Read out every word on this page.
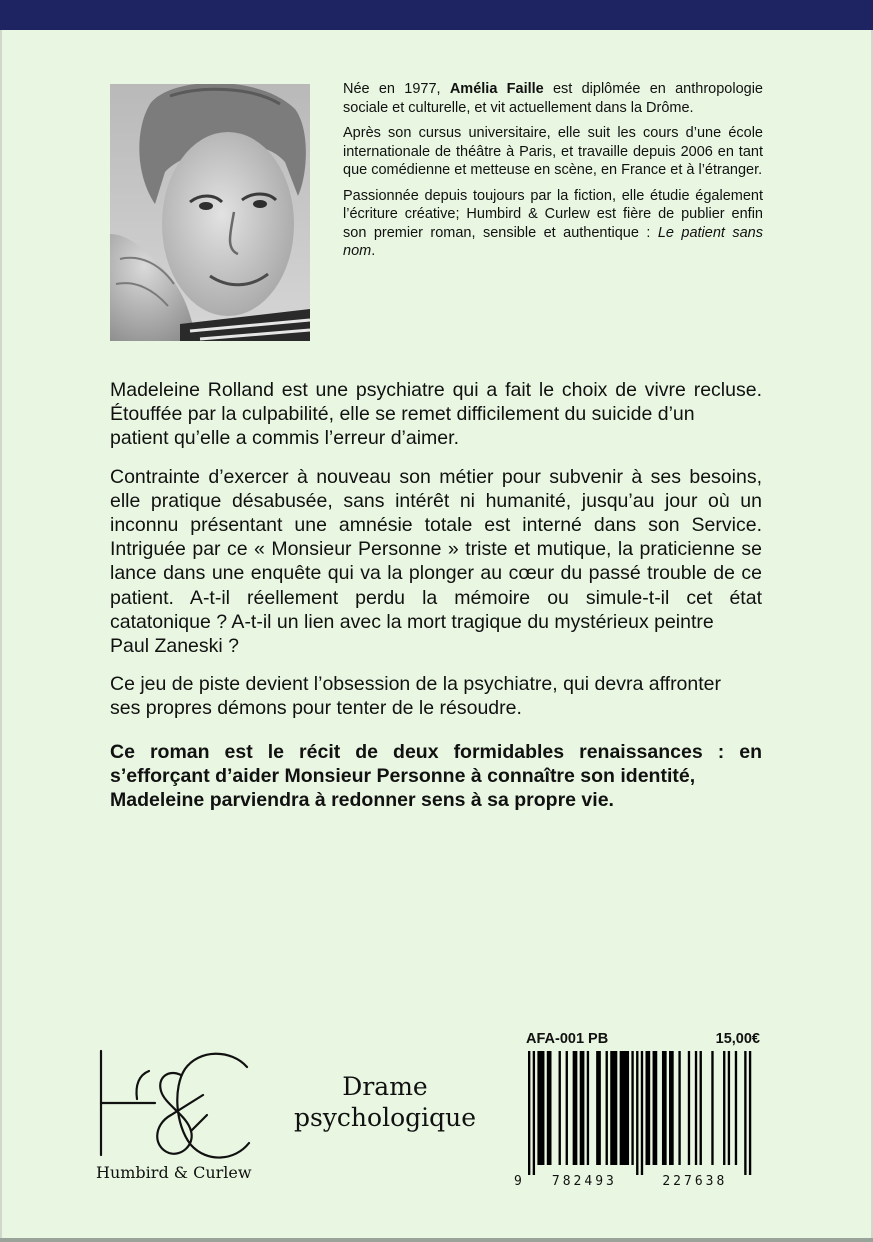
Née en 1977, Amélia Faille est diplômée en anthropologie sociale et culturelle, et vit actuellement dans la Drôme.

Après son cursus universitaire, elle suit les cours d’une école internationale de théâtre à Paris, et travaille depuis 2006 en tant que comédienne et metteuse en scène, en France et à l’étranger.

Passionnée depuis toujours par la fiction, elle étudie également l’écriture créative; Humbird & Curlew est fière de publier enfin son premier roman, sensible et authentique : Le patient sans nom.

Madeleine Rolland est une psychiatre qui a fait le choix de vivre recluse. Étouffée par la culpabilité, elle se remet difficilement du suicide d’un
patient qu’elle a commis l’erreur d’aimer.

Contrainte d’exercer à nouveau son métier pour subvenir à ses besoins, elle pratique désabusée, sans intérêt ni humanité, jusqu’au jour où un inconnu présentant une amnésie totale est interné dans son Service. Intriguée par ce « Monsieur Personne » triste et mutique, la praticienne se lance dans une enquête qui va la plonger au cœur du passé trouble de ce patient. A-t-il réellement perdu la mémoire ou simule-t-il cet état catatonique ? A-t-il un lien avec la mort tragique du mystérieux peintre
Paul Zaneski ?

Ce jeu de piste devient l’obsession de la psychiatre, qui devra affronter
ses propres démons pour tenter de le résoudre.

Ce roman est le récit de deux formidables renaissances : en s’efforçant d’aider Monsieur Personne à connaître son identité,
Madeleine parviendra à redonner sens à sa propre vie.
Humbird & Curlew
Drame
psychologique
AFA-001 PB	15,00€
9 782493	227638
